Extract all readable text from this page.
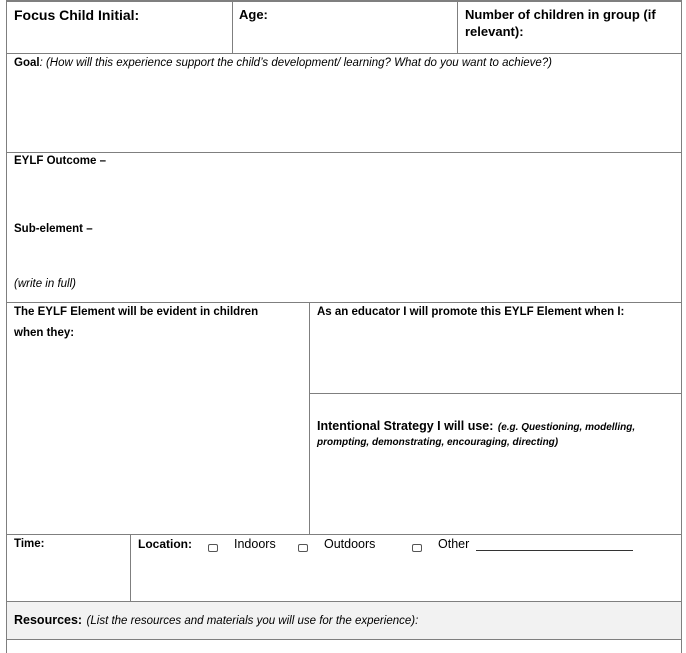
Focus Child Initial:	Age:	Number of children in group (if
relevant):
Goal: (How will this experience support the child’s development/ learning? What do you want to achieve?)
EYLF Outcome –
Sub-element –
(write in full)
The EYLF Element will be evident in children
when they:
As an educator I will promote this EYLF Element when I:
Intentional Strategy I will use: (e.g. Questioning, modelling,
prompting, demonstrating, encouraging, directing)
Time:	Location:	Indoors	Outdoors	Other
Resources: (List the resources and materials you will use for the experience):
